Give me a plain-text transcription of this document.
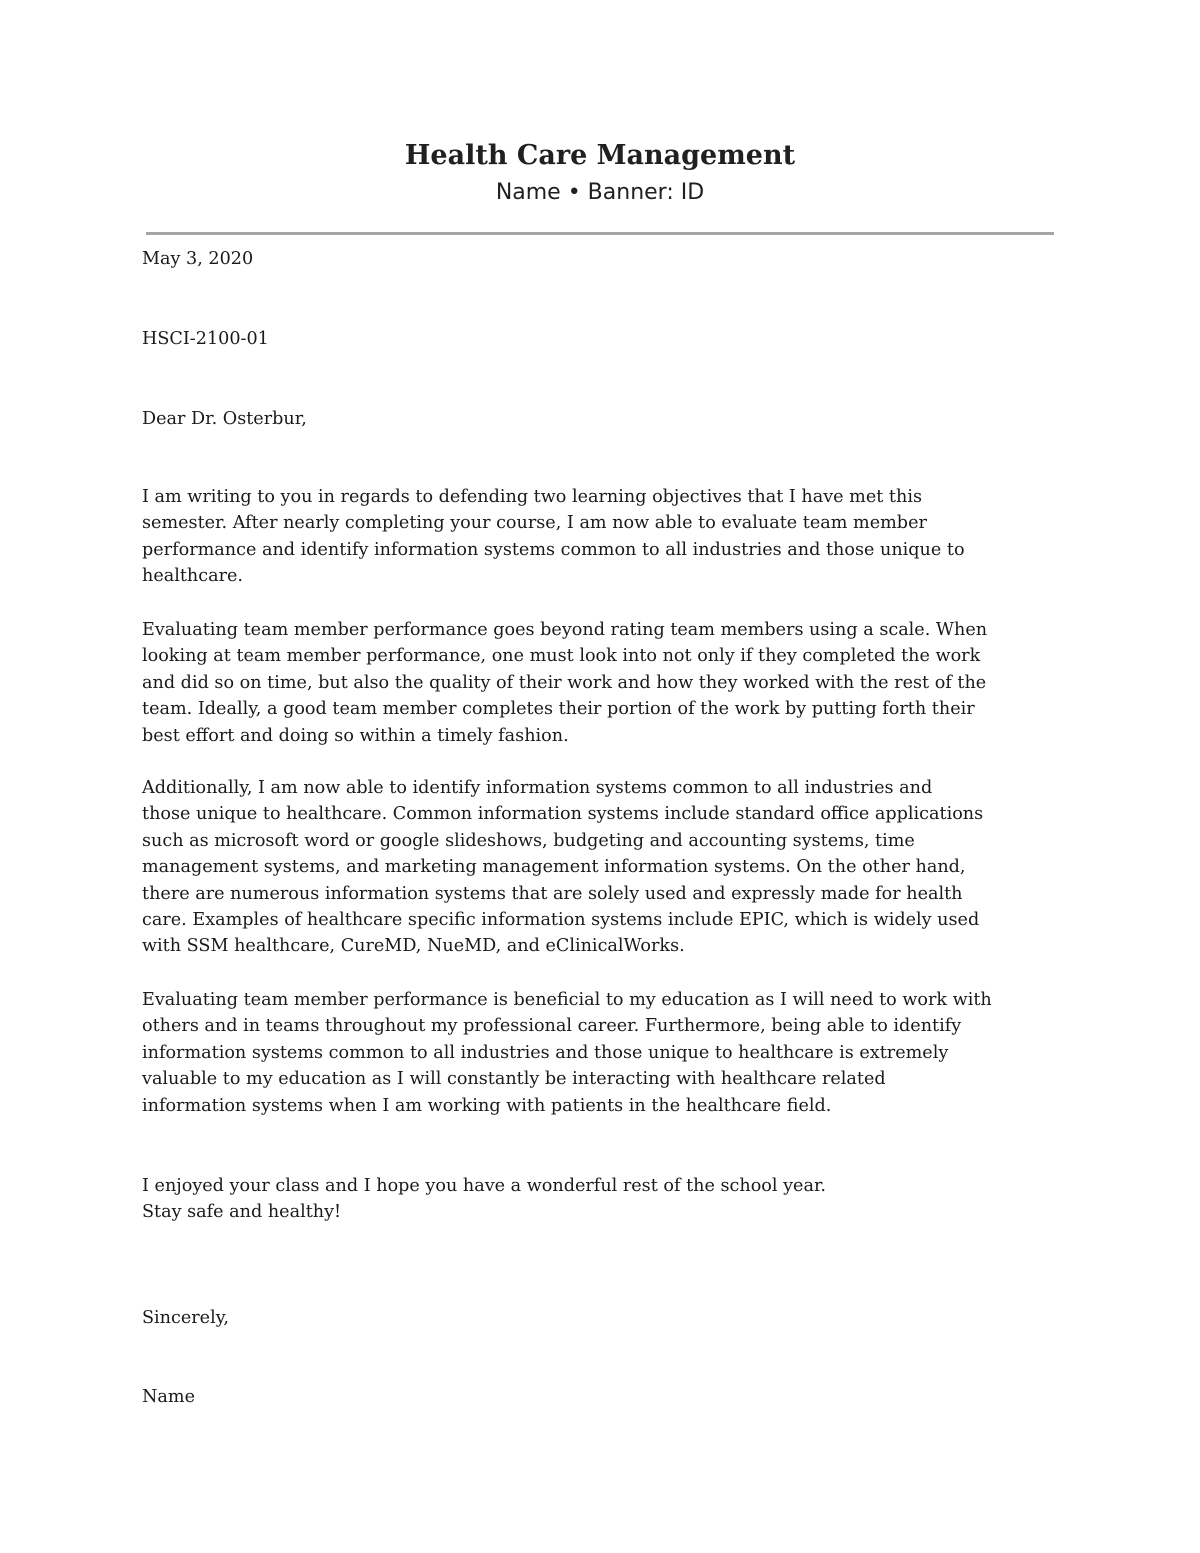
Health Care Management
Name • Banner: ID
May 3, 2020
HSCI-2100-01
Dear Dr. Osterbur,
I am writing to you in regards to defending two learning objectives that I have met this
semester. After nearly completing your course, I am now able to evaluate team member
performance and identify information systems common to all industries and those unique to
healthcare.
Evaluating team member performance goes beyond rating team members using a scale. When
looking at team member performance, one must look into not only if they completed the work
and did so on time, but also the quality of their work and how they worked with the rest of the
team. Ideally, a good team member completes their portion of the work by putting forth their
best effort and doing so within a timely fashion.
Additionally, I am now able to identify information systems common to all industries and
those unique to healthcare. Common information systems include standard office applications
such as microsoft word or google slideshows, budgeting and accounting systems, time
management systems, and marketing management information systems. On the other hand,
there are numerous information systems that are solely used and expressly made for health
care. Examples of healthcare specific information systems include EPIC, which is widely used
with SSM healthcare, CureMD, NueMD, and eClinicalWorks.
Evaluating team member performance is beneficial to my education as I will need to work with
others and in teams throughout my professional career. Furthermore, being able to identify
information systems common to all industries and those unique to healthcare is extremely
valuable to my education as I will constantly be interacting with healthcare related
information systems when I am working with patients in the healthcare field.
I enjoyed your class and I hope you have a wonderful rest of the school year.
Stay safe and healthy!
Sincerely,
Name
